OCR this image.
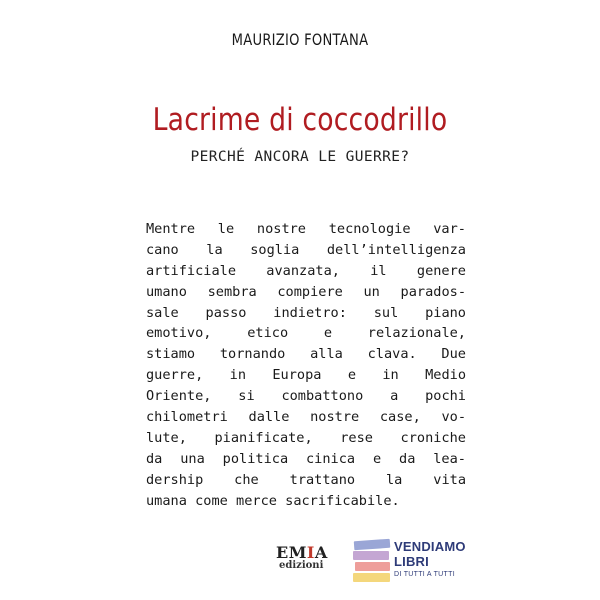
MAURIZIO FONTANA
Lacrime di coccodrillo
PERCHÉ ANCORA LE GUERRE?
Mentre le nostre tecnologie var-
cano la soglia dell’intelligenza
artificiale avanzata, il genere
umano sembra compiere un parados-
sale passo indietro: sul piano
emotivo, etico e relazionale,
stiamo tornando alla clava. Due
guerre, in Europa e in Medio
Oriente, si combattono a pochi
chilometri dalle nostre case, vo-
lute, pianificate, rese croniche
da una politica cinica e da lea-
dership che trattano la vita
umana come merce sacrificabile.
EMIA
edizioni
VENDIAMO
LIBRI
DI TUTTI A TUTTI
